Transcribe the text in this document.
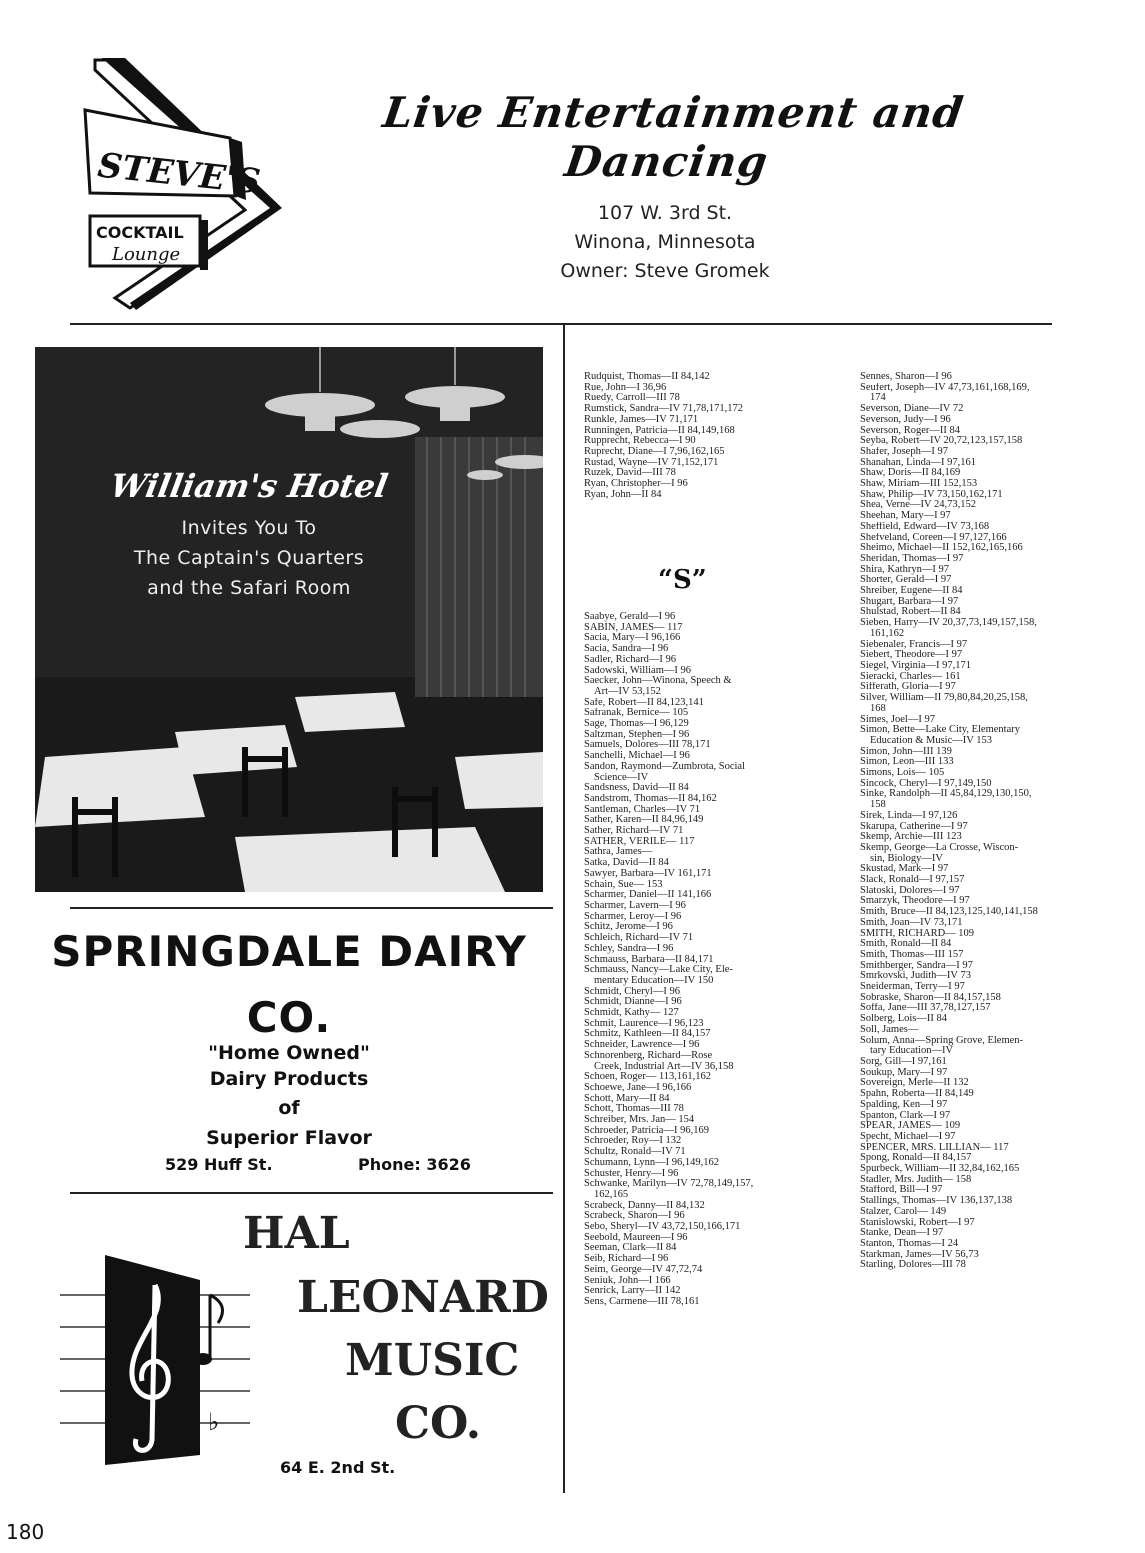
STEVE'S
COCKTAIL
Lounge
Live Entertainment and Dancing
107 W. 3rd St.
Winona, Minnesota
Owner: Steve Gromek
William's Hotel
Invites You To
The Captain's Quarters
and the Safari Room
SPRINGDALE DAIRY
CO.
"Home Owned"
Dairy Products
of
Superior Flavor
529 Huff St.	Phone: 3626
♭
HAL
LEONARD
MUSIC
CO.
64 E. 2nd St.
Rudquist, Thomas—II 84,142
Rue, John—I 36,96
Ruedy, Carroll—III 78
Rumstick, Sandra—IV 71,78,171,172
Runkle, James—IV 71,171
Runningen, Patricia—II 84,149,168
Rupprecht, Rebecca—I 90
Ruprecht, Diane—I 7,96,162,165
Rustad, Wayne—IV 71,152,171
Ruzek, David—III 78
Ryan, Christopher—I 96
Ryan, John—II 84
“S”
Saabye, Gerald—I 96
SABIN, JAMES— 117
Sacia, Mary—I 96,166
Sacia, Sandra—I 96
Sadler, Richard—I 96
Sadowski, William—I 96
Saecker, John—Winona, Speech &
Art—IV 53,152
Safe, Robert—II 84,123,141
Safranak, Bernice— 105
Sage, Thomas—I 96,129
Saltzman, Stephen—I 96
Samuels, Dolores—III 78,171
Sanchelli, Michael—I 96
Sandon, Raymond—Zumbrota, Social
Science—IV
Sandsness, David—II 84
Sandstrom, Thomas—II 84,162
Santleman, Charles—IV 71
Sather, Karen—II 84,96,149
Sather, Richard—IV 71
SATHER, VERILE— 117
Sathra, James—
Satka, David—II 84
Sawyer, Barbara—IV 161,171
Schain, Sue— 153
Scharmer, Daniel—II 141,166
Scharmer, Lavern—I 96
Scharmer, Leroy—I 96
Schitz, Jerome—I 96
Schleich, Richard—IV 71
Schley, Sandra—I 96
Schmauss, Barbara—II 84,171
Schmauss, Nancy—Lake City, Ele-
mentary Education—IV 150
Schmidt, Cheryl—I 96
Schmidt, Dianne—I 96
Schmidt, Kathy— 127
Schmit, Laurence—I 96,123
Schmitz, Kathleen—II 84,157
Schneider, Lawrence—I 96
Schnorenberg, Richard—Rose
Creek, Industrial Art—IV 36,158
Schoen, Roger— 113,161,162
Schoewe, Jane—I 96,166
Schott, Mary—II 84
Schott, Thomas—III 78
Schreiber, Mrs. Jan— 154
Schroeder, Patricia—I 96,169
Schroeder, Roy—I 132
Schultz, Ronald—IV 71
Schumann, Lynn—I 96,149,162
Schuster, Henry—I 96
Schwanke, Marilyn—IV 72,78,149,157,
162,165
Scrabeck, Danny—II 84,132
Scrabeck, Sharon—I 96
Sebo, Sheryl—IV 43,72,150,166,171
Seebold, Maureen—I 96
Seeman, Clark—II 84
Seib, Richard—I 96
Seim, George—IV 47,72,74
Seniuk, John—I 166
Senrick, Larry—II 142
Sens, Carmene—III 78,161
Sennes, Sharon—I 96
Seufert, Joseph—IV 47,73,161,168,169,
174
Severson, Diane—IV 72
Severson, Judy—I 96
Severson, Roger—II 84
Seyba, Robert—IV 20,72,123,157,158
Shafer, Joseph—I 97
Shanahan, Linda—I 97,161
Shaw, Doris—II 84,169
Shaw, Miriam—III 152,153
Shaw, Philip—IV 73,150,162,171
Shea, Verne—IV 24,73,152
Sheehan, Mary—I 97
Sheffield, Edward—IV 73,168
Shefveland, Coreen—I 97,127,166
Sheimo, Michael—II 152,162,165,166
Sheridan, Thomas—I 97
Shira, Kathryn—I 97
Shorter, Gerald—I 97
Shreiber, Eugene—II 84
Shugart, Barbara—I 97
Shulstad, Robert—II 84
Sieben, Harry—IV 20,37,73,149,157,158,
161,162
Siebenaler, Francis—I 97
Siebert, Theodore—I 97
Siegel, Virginia—I 97,171
Sieracki, Charles— 161
Sifferath, Gloria—I 97
Silver, William—II 79,80,84,20,25,158,
168
Simes, Joel—I 97
Simon, Bette—Lake City, Elementary
Education & Music—IV 153
Simon, John—III 139
Simon, Leon—III 133
Simons, Lois— 105
Sincock, Cheryl—I 97,149,150
Sinke, Randolph—II 45,84,129,130,150,
158
Sirek, Linda—I 97,126
Skarupa, Catherine—I 97
Skemp, Archie—III 123
Skemp, George—La Crosse, Wiscon-
sin, Biology—IV
Skustad, Mark—I 97
Slack, Ronald—I 97,157
Slatoski, Dolores—I 97
Smarzyk, Theodore—I 97
Smith, Bruce—II 84,123,125,140,141,158
Smith, Joan—IV 73,171
SMITH, RICHARD— 109
Smith, Ronald—II 84
Smith, Thomas—III 157
Smithberger, Sandra—I 97
Smrkovski, Judith—IV 73
Sneiderman, Terry—I 97
Sobraske, Sharon—II 84,157,158
Soffa, Jane—III 37,78,127,157
Solberg, Lois—II 84
Soll, James—
Solum, Anna—Spring Grove, Elemen-
tary Education—IV
Sorg, Gill—I 97,161
Soukup, Mary—I 97
Sovereign, Merle—II 132
Spahn, Roberta—II 84,149
Spalding, Ken—I 97
Spanton, Clark—I 97
SPEAR, JAMES— 109
Specht, Michael—I 97
SPENCER, MRS. LILLIAN— 117
Spong, Ronald—II 84,157
Spurbeck, William—II 32,84,162,165
Stadler, Mrs. Judith— 158
Stafford, Bill—I 97
Stallings, Thomas—IV 136,137,138
Stalzer, Carol— 149
Stanislowski, Robert—I 97
Stanke, Dean—I 97
Stanton, Thomas—I 24
Starkman, James—IV 56,73
Starling, Dolores—III 78
180
